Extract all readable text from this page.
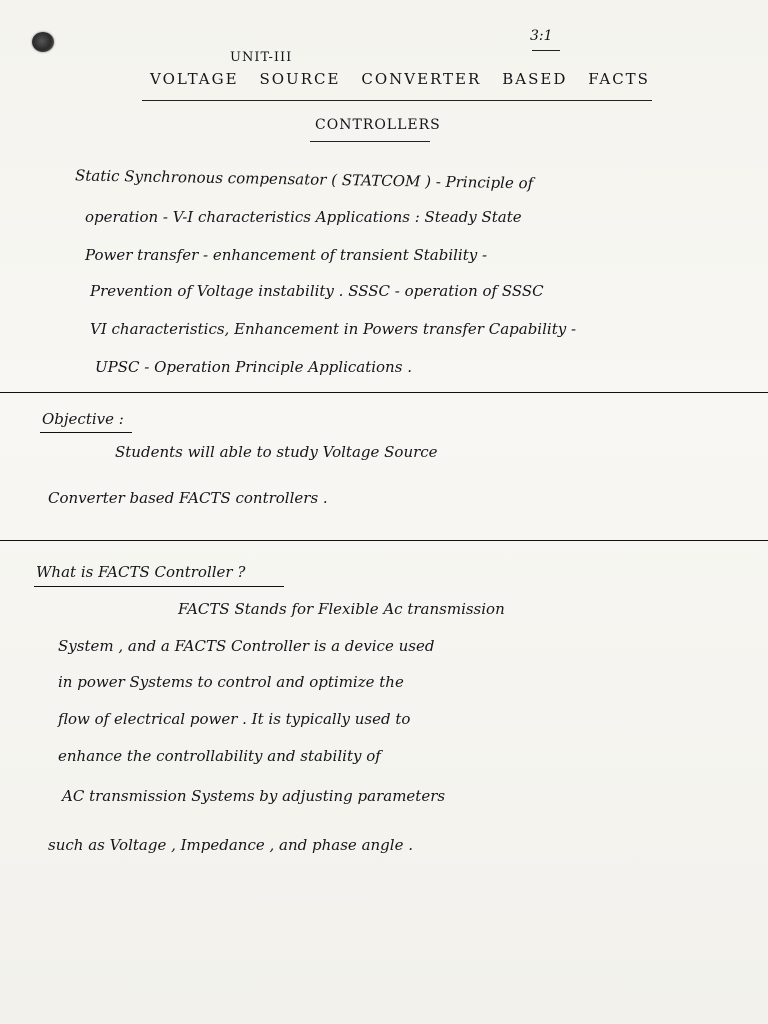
3:1
UNIT-III
VOLTAGE SOURCE CONVERTER BASED FACTS
CONTROLLERS
Static Synchronous compensator ( STATCOM ) - Principle of
operation - V-I characteristics Applications : Steady State
Power transfer - enhancement of transient Stability -
Prevention of Voltage instability . SSSC - operation of SSSC
VI characteristics, Enhancement in Powers transfer Capability -
UPSC - Operation Principle Applications .
Objective :
Students will able to study Voltage Source
Converter based FACTS controllers .
What is FACTS Controller ?
FACTS Stands for Flexible Ac transmission
System , and a FACTS Controller is a device used
in power Systems to control and optimize the
flow of electrical power . It is typically used to
enhance the controllability and stability of
AC transmission Systems by adjusting parameters
such as Voltage , Impedance , and phase angle .
